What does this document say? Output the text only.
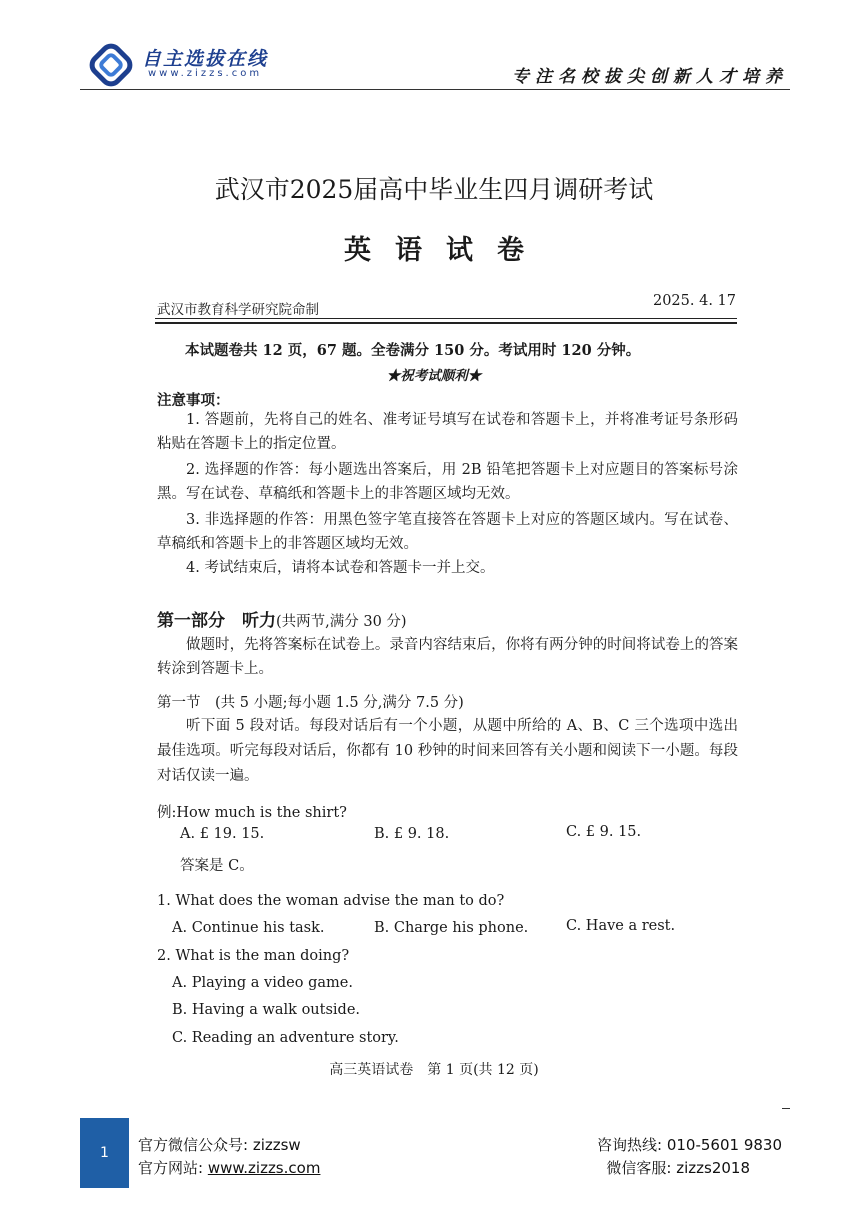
自主选拔在线
www.zizzs.com	专注名校拔尖创新人才培养
武汉市2025届高中毕业生四月调研考试
英语试卷
武汉市教育科学研究院命制
2025. 4. 17
本试题卷共 12 页，67 题。全卷满分 150 分。考试用时 120 分钟。
★祝考试顺利★
注意事项：
1. 答题前，先将自己的姓名、准考证号填写在试卷和答题卡上，并将准考证号条形码粘贴在答题卡上的指定位置。
2. 选择题的作答：每小题选出答案后，用 2B 铅笔把答题卡上对应题目的答案标号涂黑。写在试卷、草稿纸和答题卡上的非答题区域均无效。
3. 非选择题的作答：用黑色签字笔直接答在答题卡上对应的答题区域内。写在试卷、草稿纸和答题卡上的非答题区域均无效。
4. 考试结束后，请将本试卷和答题卡一并上交。
第一部分　听力(共两节,满分 30 分)
做题时，先将答案标在试卷上。录音内容结束后，你将有两分钟的时间将试卷上的答案转涂到答题卡上。
第一节　(共 5 小题;每小题 1.5 分,满分 7.5 分)
听下面 5 段对话。每段对话后有一个小题，从题中所给的 A、B、C 三个选项中选出最佳选项。听完每段对话后，你都有 10 秒钟的时间来回答有关小题和阅读下一小题。每段对话仅读一遍。
例:How much is the shirt?
A. £ 19. 15.	B. £ 9. 18.	C. £ 9. 15.
答案是 C。
1. What does the woman advise the man to do?
A. Continue his task.	B. Charge his phone.	C. Have a rest.
2. What is the man doing?
A. Playing a video game.
B. Having a walk outside.
C. Reading an adventure story.
高三英语试卷　第 1 页(共 12 页)
1 官方微信公众号: zizzsw
官方网站: www.zizzs.com
咨询热线: 010-5601 9830
微信客服: zizzs2018
